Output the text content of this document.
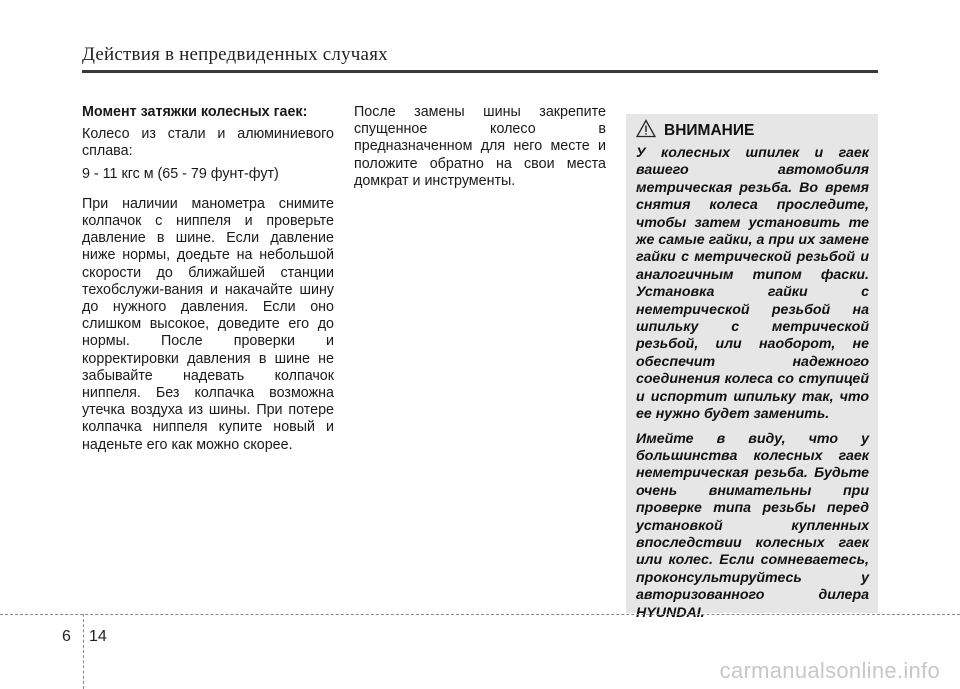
Действия в непредвиденных случаях

Момент затяжки колесных гаек:

Колесо из стали и алюминиевого сплава:

9 - 11 кгс м (65 - 79 фунт-фут)

При наличии манометра снимите колпачок с ниппеля и проверьте давление в шине. Если давление ниже нормы, доедьте на небольшой скорости до ближайшей станции техобслужи-вания и накачайте шину до нужного давления. Если оно слишком высокое, доведите его до нормы. После проверки и корректировки давления в шине не забывайте надевать колпачок ниппеля. Без колпачка возможна утечка воздуха из шины. При потере колпачка ниппеля купите новый и наденьте его как можно скорее.

После замены шины закрепите спущенное колесо в предназначенном для него месте и положите обратно на свои места домкрат и инструменты.

ВНИМАНИЕ

У колесных шпилек и гаек вашего автомобиля метрическая резьба. Во время снятия колеса проследите, чтобы затем установить те же самые гайки, а при их замене гайки с метрической резьбой и аналогичным типом фаски. Установка гайки с неметрической резьбой на шпильку с метрической резьбой, или наоборот, не обеспечит надежного соединения колеса со ступицей и испортит шпильку так, что ее нужно будет заменить.

Имейте в виду, что у большинства колесных гаек неметрическая резьба. Будьте очень внимательны при проверке типа резьбы перед установкой купленных впоследствии колесных гаек или колес. Если сомневаетесь, проконсультируйтесь у авторизованного дилера HYUNDAI.

6 14
carmanualsonline.info
